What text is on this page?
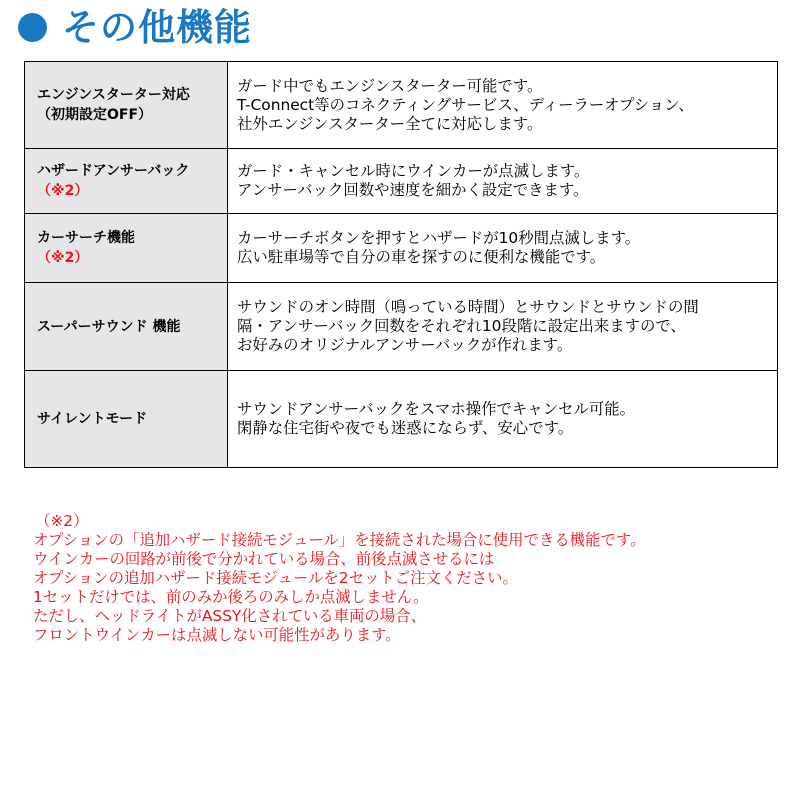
その他機能
エンジンスターター対応
（初期設定OFF）	ガード中でもエンジンスターター可能です。
T-Connect等のコネクティングサービス、ディーラーオプション、
社外エンジンスターター全てに対応します。

ハザードアンサーバック
（※2）	ガード・キャンセル時にウインカーが点滅します。
アンサーバック回数や速度を細かく設定できます。

カーサーチ機能
（※2）	カーサーチボタンを押すとハザードが10秒間点滅します。
広い駐車場等で自分の車を探すのに便利な機能です。

スーパーサウンド 機能	サウンドのオン時間（鳴っている時間）とサウンドとサウンドの間
隔・アンサーバック回数をそれぞれ10段階に設定出来ますので、
お好みのオリジナルアンサーバックが作れます。

サイレントモード	サウンドアンサーバックをスマホ操作でキャンセル可能。
閑静な住宅街や夜でも迷惑にならず、安心です。
（※2）
オプションの「追加ハザード接続モジュール」を接続された場合に使用できる機能です。
ウインカーの回路が前後で分かれている場合、前後点滅させるには
オプションの追加ハザード接続モジュールを2セットご注文ください。
1セットだけでは、前のみか後ろのみしか点滅しません。
ただし、ヘッドライトがASSY化されている車両の場合、
フロントウインカーは点滅しない可能性があります。
